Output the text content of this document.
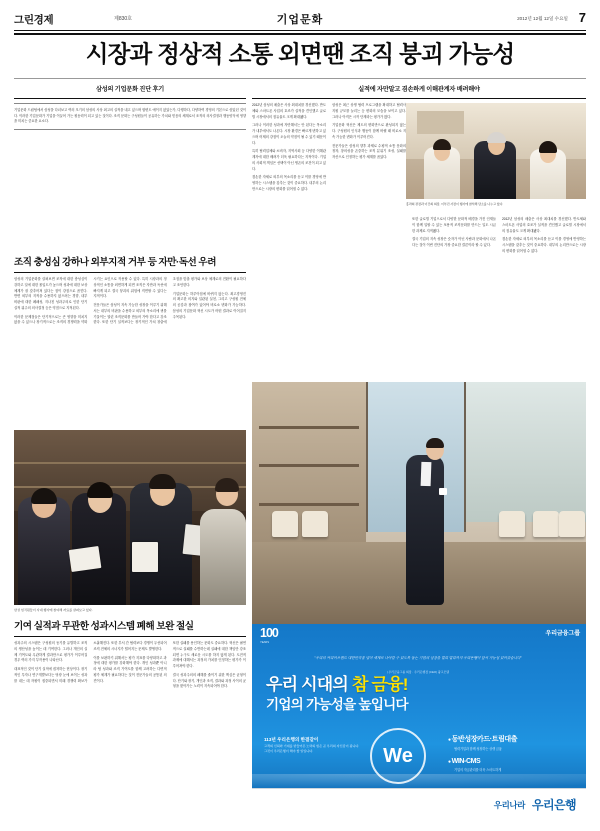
그린경제	제830호	기업문화	2012년 12월 12일 수요일 7
시장과 정상적 소통 외면땐 조직 붕괴 가능성
삼성의 기업문화 진단 후기
기업문화 드림팀에서 삼성을 다녀보고 여러 모기의 삼성의 사상 최고의 실적을 내고 있으며 합변도 예이지 않았는가, 다행하다, 다양하여 경영의 기본으로 삼았던 것이다. 이러한 기업문화가 기업을 이끌어 가는 원동력이 되고 있는 것이다. 조직 문화는 구성원들이 공유하는 가치와 믿음의 체계로서 조직의 의사결정과 행동양식에 영향을 미치는 중요한 요소다.
조직 충성심 강하나 외부지적 거부 등 자만·독선 우려

삼성의 기업문화를 살펴보면 조직에 대한 충성심이 강하고 일에 대한 몰입도가 높으며 성과에 대한 보상체계가 잘 갖추어져 있다는 점이 강점으로 꼽힌다. 반면 외부의 지적을 수용하지 않으려는 경향, 내부 비판에 대한 폐쇄성, 지나친 성과주의로 인한 단기 실적 위주의 의사결정 등은 약점으로 지적된다.

이러한 문제점들은 단기적으로는 큰 영향을 미치지 않을 수 있으나 장기적으로는 조직의 경쟁력을 약화시키는 요인으로 작용할 수 있다. 특히 시장과의 정상적인 소통을 외면하게 되면 조직은 자만과 독선에 빠지게 되고 결국 붕괴의 위험에 직면할 수 있다는 지적이다.

전문가들은 삼성이 지속 가능한 성장을 이루기 위해서는 내부의 비판을 수용하고 외부의 목소리에 귀를 기울이는 열린 조직문화를 만들어 가야 한다고 강조한다. 또한 단기 실적보다는 장기적인 가치 창출에 초점을 맞춘 평가와 보상 체계로의 전환이 필요하다고 조언한다.

기업문화는 하루아침에 바뀌지 않는다. 최고경영진의 확고한 의지와 일관된 실천, 그리고 구성원 전체의 공감과 참여가 있어야 비로소 변화가 가능하다. 삼성의 기업문화 혁신 시도가 어떤 결과로 이어질지 주목된다.

삼성 임직원들이 사내 행사에 참여해 자료를 살펴보고 있다.
기여 실적과 무관한 성과시스템 폐해 보완 절실

성과주의 시스템은 구성원의 동기를 유발하고 조직의 생산성을 높이는 데 기여한다. 그러나 개인의 실제 기여도와 무관하게 결과만으로 평가가 이루어질 경우 여러 가지 부작용이 나타난다.

대표적인 것이 단기 실적에 집착하는 현상이다. 장기적인 투자나 연구개발보다는 당장 눈에 보이는 성과를 내는 데 자원이 집중되면서 미래 경쟁력 확보가 소홀해진다. 또한 부서 간 협력보다 경쟁이 우선되어 조직 전체의 시너지가 떨어지는 문제도 발생한다.

이를 보완하기 위해서는 평가 지표를 다양화하고 과정에 대한 평가를 강화해야 한다. 개인 성과뿐 아니라 팀 성과와 조직 기여도를 함께 고려하는 다면적 평가 체계가 필요하다는 것이 전문가들의 공통된 의견이다.

또한 실패를 용인하는 문화도 중요하다. 혁신은 필연적으로 실패를 수반하는데 실패에 대한 책임만 강조되면 누구도 새로운 시도를 하지 않게 된다. 도전적 과제에 대해서는 과정의 가치를 인정하는 평가가 이루어져야 한다.

결국 성과주의의 폐해를 줄이기 위한 핵심은 균형이다. 단기와 장기, 개인과 조직, 결과와 과정 사이의 균형을 찾아가는 노력이 지속되어야 한다.

실적에 자만말고 겸손하게 이해관계자 배려해야

2012년 삼성의 매출은 사상 최대치를 경신했다. 반도체와 스마트폰 사업의 호조가 실적을 견인했고 글로벌 시장에서의 점유율도 크게 확대됐다.

그러나 이러한 성과에 자만해서는 안 된다는 목소리가 내부에서도 나온다. 시장 환경은 빠르게 변하고 있으며 어제의 강점이 오늘의 약점이 될 수 있기 때문이다.

특히 협력업체와 소비자, 지역사회 등 다양한 이해관계자에 대한 배려가 더욱 필요하다는 지적이다. 기업의 사회적 책임은 선택이 아닌 생존의 조건이 되고 있다.

겸손한 자세로 외부의 목소리를 듣고 이를 경영에 반영하는 시스템을 갖추는 것이 중요하다. 내부의 논리만으로는 시장의 변화를 읽어낼 수 없다.

삼성은 최근 상생 협력 프로그램을 확대하고 협력사 지원 규모를 늘리는 등 변화의 모습을 보이고 있다. 그러나 아직은 시작 단계라는 평가가 많다.

기업문화 혁신은 제도의 변화만으로 완성되지 않는다. 구성원의 인식과 행동이 함께 바뀔 때 비로소 지속 가능한 변화가 이루어진다.

전문가들은 삼성의 향후 과제로 수평적 소통 문화의 정착, 창의성을 존중하는 조직 분위기 조성, 실패를 자산으로 인정하는 평가 체계를 꼽았다.

또한 글로벌 기업으로서 다양한 문화적 배경을 가진 인재들이 함께 일할 수 있는 포용적 조직문화를 만드는 일도 시급한 과제로 지적됐다.

결국 기업의 지속 성장은 숫자가 아닌 사람과 문화에서 나온다는 것이 이번 진단의 가장 중요한 결론이라 할 수 있다.

2012년 삼성의 매출은 사상 최대치를 경신했다. 반도체와 스마트폰 사업의 호조가 실적을 견인했고 글로벌 시장에서의 점유율도 크게 확대됐다.

겸손한 자세로 외부의 목소리를 듣고 이를 경영에 반영하는 시스템을 갖추는 것이 중요하다. 내부의 논리만으로는 시장의 변화를 읽어낼 수 없다.

홍라희 관장과 이건희 회장, 이부진 사장이 행사에 참석해 담소를 나누고 있다.
우리금융그룹
100
YEARS
"우리의 커리어브랜드 대한민국을 넘어 세계로 나아갈 수 있도록 돕는 기업의 성장을 멀리 멀리까지 우리은행이 앞서 가능성 있어갔습니다"
| 우리금융그룹 회장 · 우리은행장 (CEO) 광고모델
우리 시대의 참 금융!
기업의 가능성을 높입니다
113년 우리은행의 한결같이
고객의 신뢰와 기대를 받들어온 노력의 힘은 곧 우리의 자신감이 됩니다. 그것이 우리은행이 해야 할 일입니다.	We
● 동반성장카드·트림대출
협력기업과 함께 성장하는 상생 금융
● WIN-CMS
기업의 자금관리를 더욱 스마트하게
우리나라 우리은행
